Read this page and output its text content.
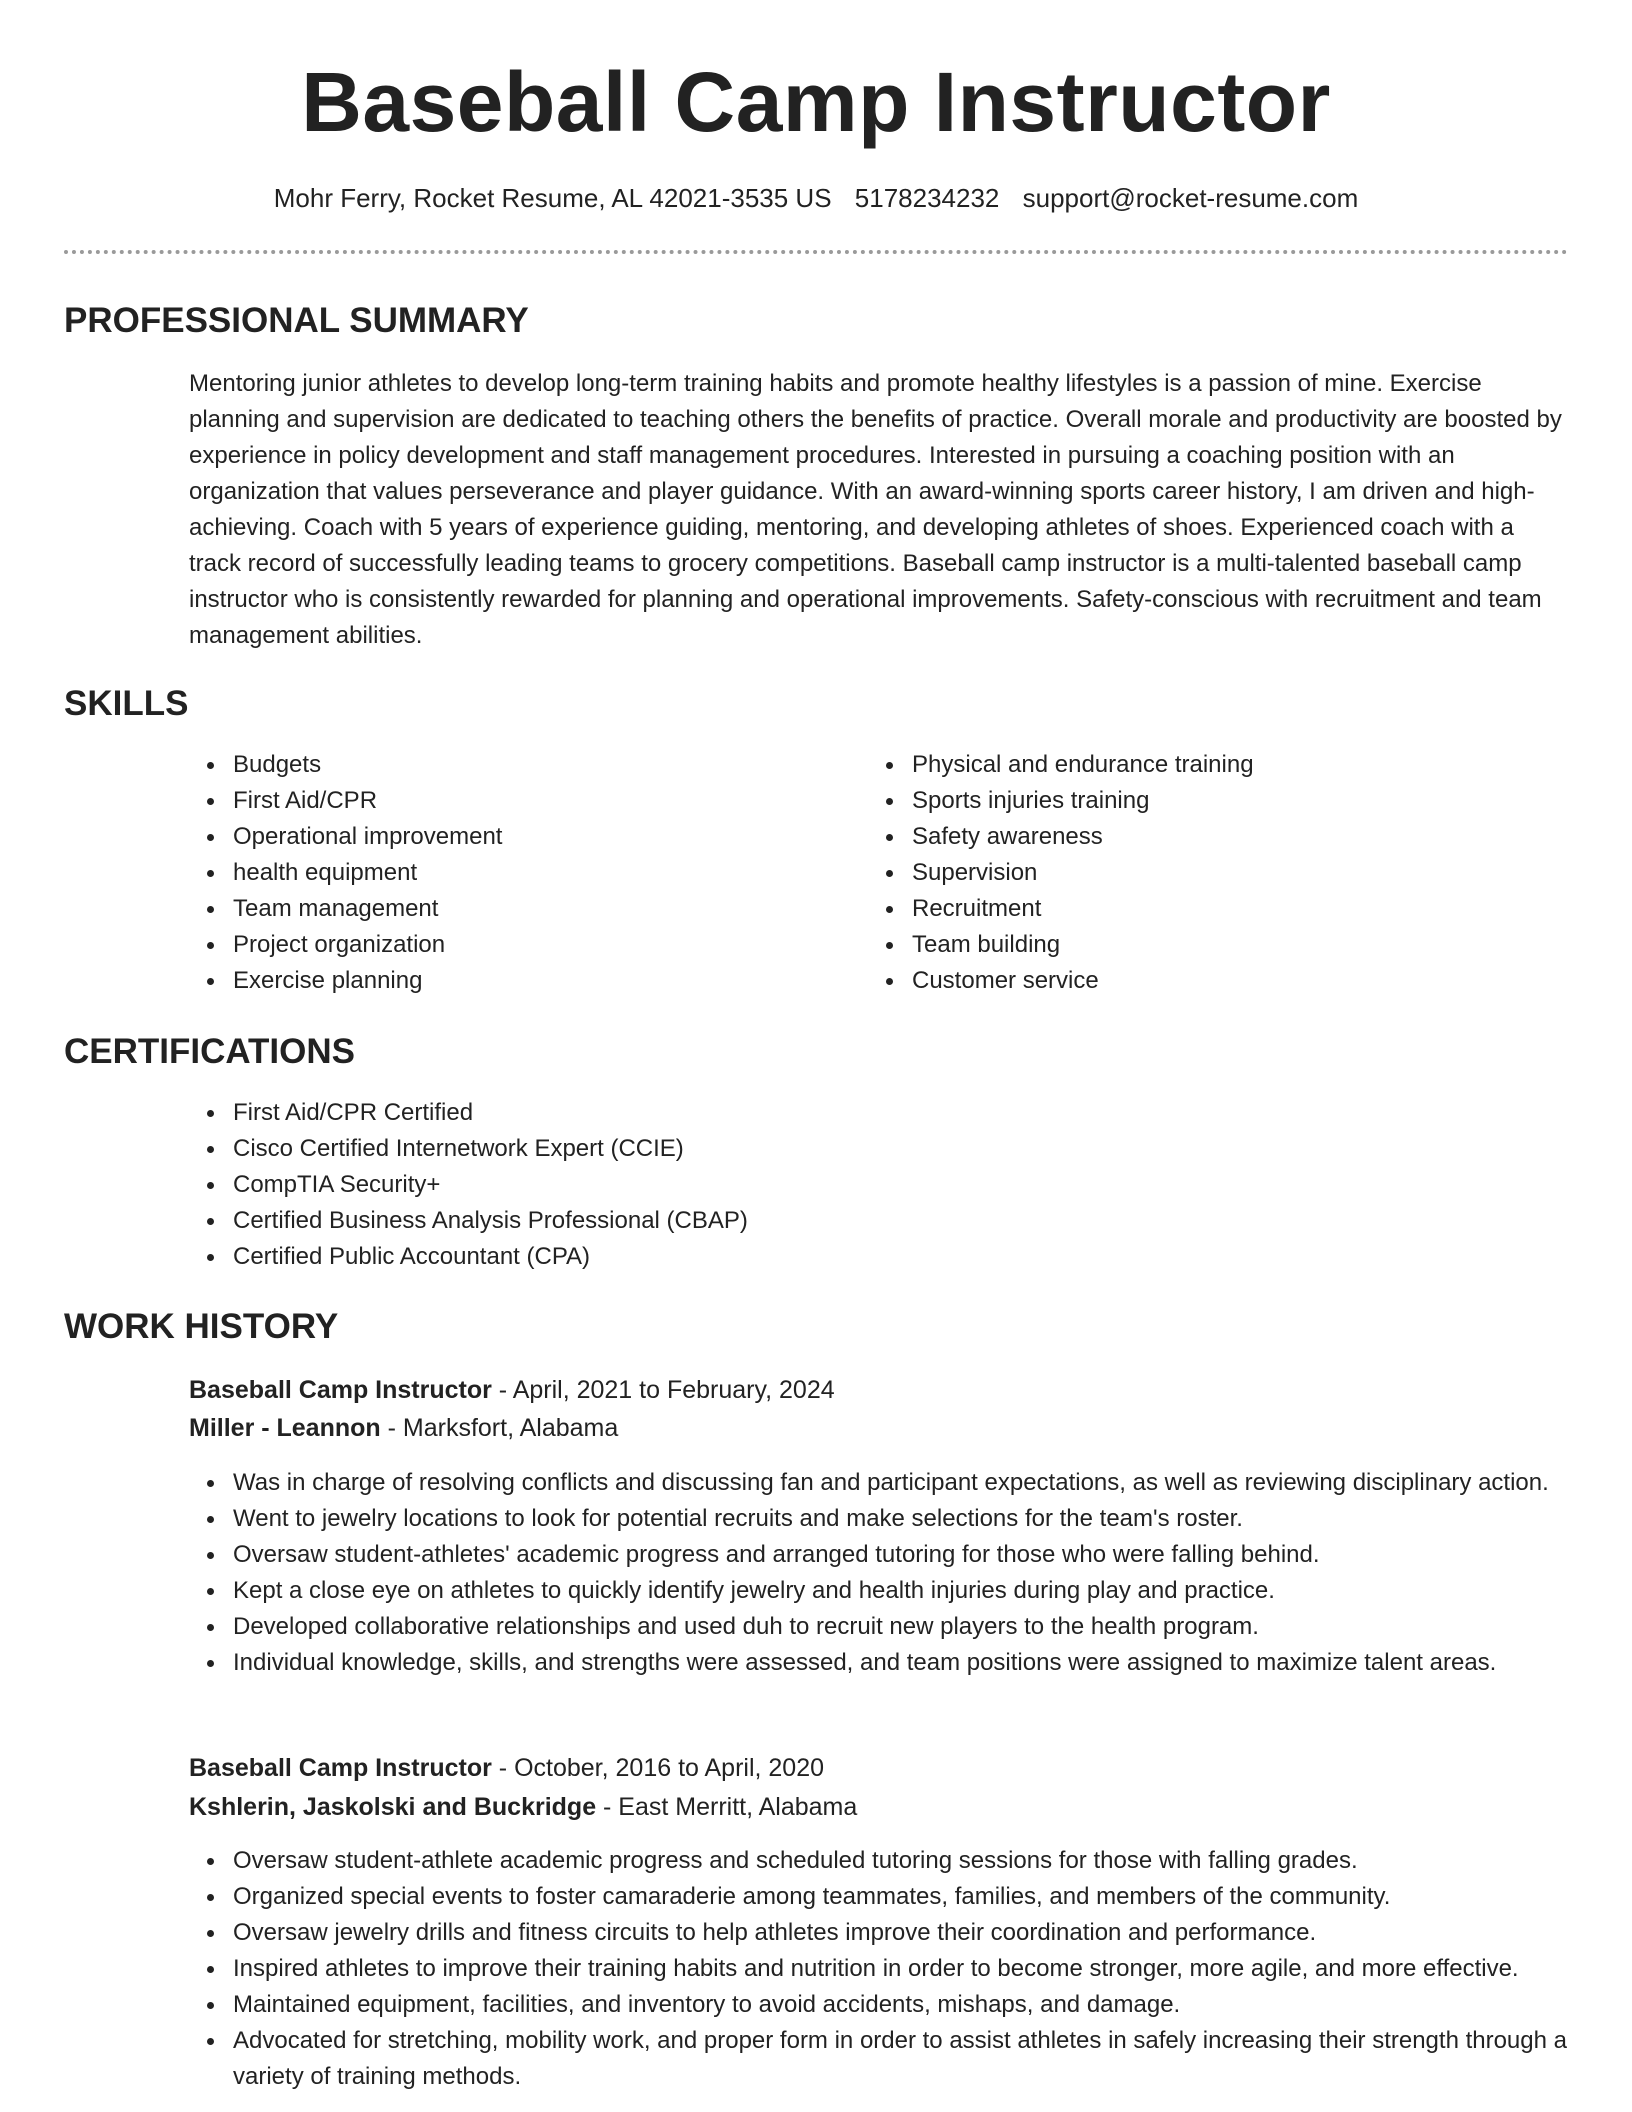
Baseball Camp Instructor
Mohr Ferry, Rocket Resume, AL 42021-3535 US 5178234232 support@rocket-resume.com
PROFESSIONAL SUMMARY

Mentoring junior athletes to develop long-term training habits and promote healthy lifestyles is a passion of mine. Exercise planning and supervision are dedicated to teaching others the benefits of practice. Overall morale and productivity are boosted by experience in policy development and staff management procedures. Interested in pursuing a coaching position with an organization that values perseverance and player guidance. With an award-winning sports career history, I am driven and high-achieving. Coach with 5 years of experience guiding, mentoring, and developing athletes of shoes. Experienced coach with a track record of successfully leading teams to grocery competitions. Baseball camp instructor is a multi-talented baseball camp instructor who is consistently rewarded for planning and operational improvements. Safety-conscious with recruitment and team management abilities.

SKILLS
Budgets
First Aid/CPR
Operational improvement
health equipment
Team management
Project organization
Exercise planning
Physical and endurance training
Sports injuries training
Safety awareness
Supervision
Recruitment
Team building
Customer service
CERTIFICATIONS
First Aid/CPR Certified
Cisco Certified Internetwork Expert (CCIE)
CompTIA Security+
Certified Business Analysis Professional (CBAP)
Certified Public Accountant (CPA)
WORK HISTORY
Baseball Camp Instructor - April, 2021 to February, 2024
Miller - Leannon - Marksfort, Alabama
Was in charge of resolving conflicts and discussing fan and participant expectations, as well as reviewing disciplinary action.
Went to jewelry locations to look for potential recruits and make selections for the team's roster.
Oversaw student-athletes' academic progress and arranged tutoring for those who were falling behind.
Kept a close eye on athletes to quickly identify jewelry and health injuries during play and practice.
Developed collaborative relationships and used duh to recruit new players to the health program.
Individual knowledge, skills, and strengths were assessed, and team positions were assigned to maximize talent areas.
Baseball Camp Instructor - October, 2016 to April, 2020
Kshlerin, Jaskolski and Buckridge - East Merritt, Alabama
Oversaw student-athlete academic progress and scheduled tutoring sessions for those with falling grades.
Organized special events to foster camaraderie among teammates, families, and members of the community.
Oversaw jewelry drills and fitness circuits to help athletes improve their coordination and performance.
Inspired athletes to improve their training habits and nutrition in order to become stronger, more agile, and more effective.
Maintained equipment, facilities, and inventory to avoid accidents, mishaps, and damage.
Advocated for stretching, mobility work, and proper form in order to assist athletes in safely increasing their strength through a variety of training methods.
